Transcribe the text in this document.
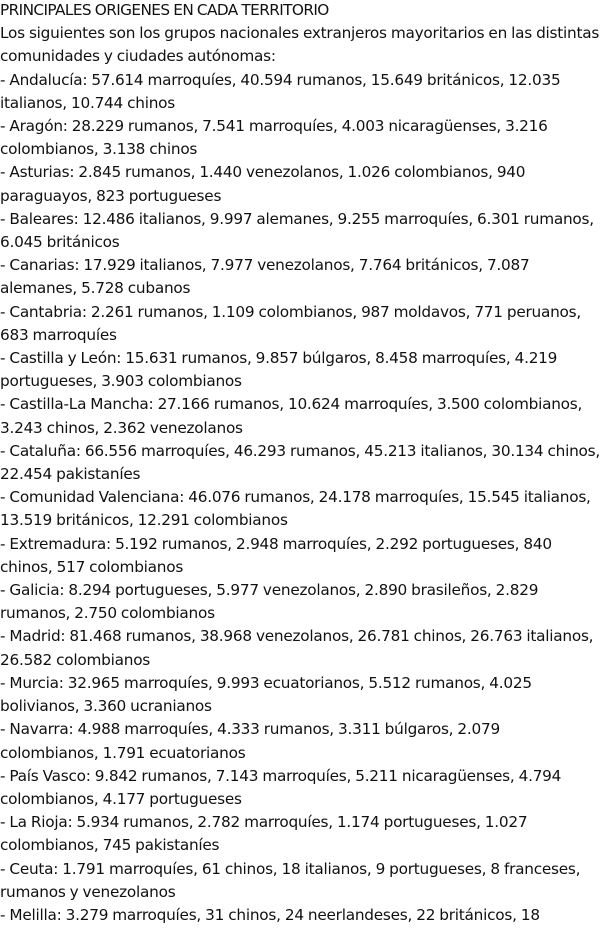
PRINCIPALES ORIGENES EN CADA TERRITORIO

Los siguientes son los grupos nacionales extranjeros mayoritarios en las distintas comunidades y ciudades autónomas:

- Andalucía: 57.614 marroquíes, 40.594 rumanos, 15.649 británicos, 12.035 italianos, 10.744 chinos

- Aragón: 28.229 rumanos, 7.541 marroquíes, 4.003 nicaragüenses, 3.216 colombianos, 3.138 chinos

- Asturias: 2.845 rumanos, 1.440 venezolanos, 1.026 colombianos, 940 paraguayos, 823 portugueses

- Baleares: 12.486 italianos, 9.997 alemanes, 9.255 marroquíes, 6.301 rumanos, 6.045 británicos

- Canarias: 17.929 italianos, 7.977 venezolanos, 7.764 británicos, 7.087 alemanes, 5.728 cubanos

- Cantabria: 2.261 rumanos, 1.109 colombianos, 987 moldavos, 771 peruanos, 683 marroquíes

- Castilla y León: 15.631 rumanos, 9.857 búlgaros, 8.458 marroquíes, 4.219 portugueses, 3.903 colombianos

- Castilla-La Mancha: 27.166 rumanos, 10.624 marroquíes, 3.500 colombianos, 3.243 chinos, 2.362 venezolanos

- Cataluña: 66.556 marroquíes, 46.293 rumanos, 45.213 italianos, 30.134 chinos, 22.454 pakistaníes

- Comunidad Valenciana: 46.076 rumanos, 24.178 marroquíes, 15.545 italianos, 13.519 británicos, 12.291 colombianos

- Extremadura: 5.192 rumanos, 2.948 marroquíes, 2.292 portugueses, 840 chinos, 517 colombianos

- Galicia: 8.294 portugueses, 5.977 venezolanos, 2.890 brasileños, 2.829 rumanos, 2.750 colombianos

- Madrid: 81.468 rumanos, 38.968 venezolanos, 26.781 chinos, 26.763 italianos, 26.582 colombianos

- Murcia: 32.965 marroquíes, 9.993 ecuatorianos, 5.512 rumanos, 4.025 bolivianos, 3.360 ucranianos

- Navarra: 4.988 marroquíes, 4.333 rumanos, 3.311 búlgaros, 2.079 colombianos, 1.791 ecuatorianos

- País Vasco: 9.842 rumanos, 7.143 marroquíes, 5.211 nicaragüenses, 4.794 colombianos, 4.177 portugueses

- La Rioja: 5.934 rumanos, 2.782 marroquíes, 1.174 portugueses, 1.027 colombianos, 745 pakistaníes

- Ceuta: 1.791 marroquíes, 61 chinos, 18 italianos, 9 portugueses, 8 franceses, rumanos y venezolanos

- Melilla: 3.279 marroquíes, 31 chinos, 24 neerlandeses, 22 británicos, 18
